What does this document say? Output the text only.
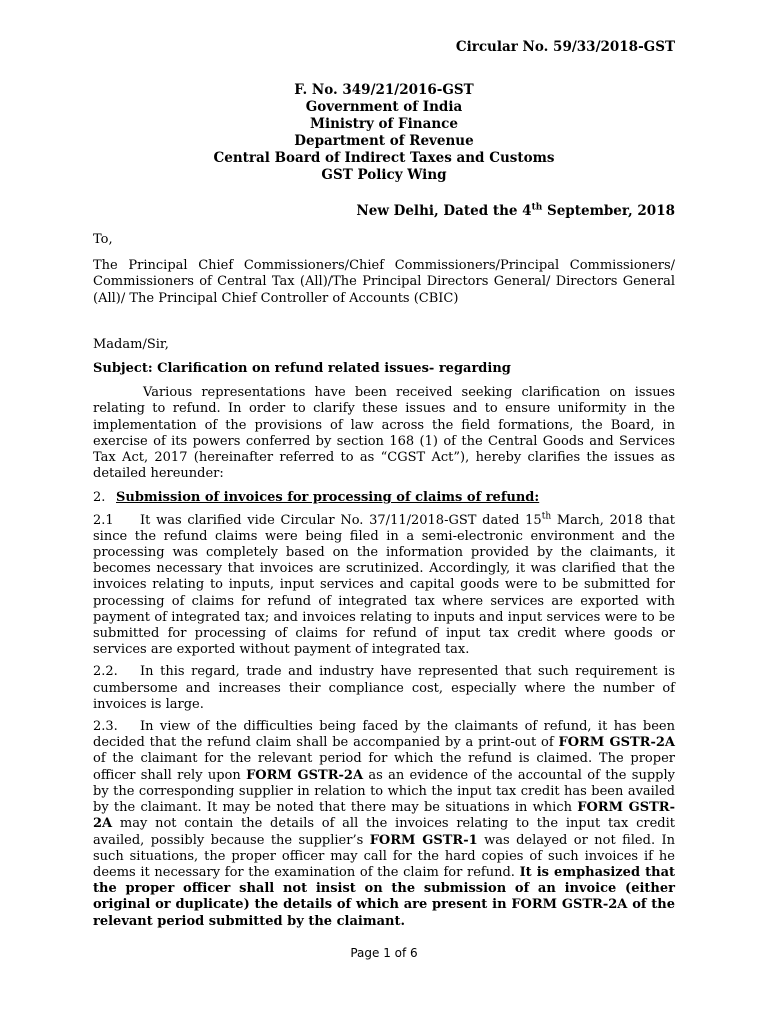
Circular No. 59/33/2018-GST
F. No. 349/21/2016-GST
Government of India
Ministry of Finance
Department of Revenue
Central Board of Indirect Taxes and Customs
GST Policy Wing
New Delhi, Dated the 4th September, 2018

To,

The Principal Chief Commissioners/Chief Commissioners/Principal Commissioners/ Commissioners of Central Tax (All)/The Principal Directors General/ Directors General (All)/ The Principal Chief Controller of Accounts (CBIC)

Madam/Sir,

Subject: Clarification on refund related issues- regarding

Various representations have been received seeking clarification on issues relating to refund. In order to clarify these issues and to ensure uniformity in the implementation of the provisions of law across the field formations, the Board, in exercise of its powers conferred by section 168 (1) of the Central Goods and Services Tax Act, 2017 (hereinafter referred to as “CGST Act”), hereby clarifies the issues as detailed hereunder:

2. Submission of invoices for processing of claims of refund:

2.1 It was clarified vide Circular No. 37/11/2018-GST dated 15th March, 2018 that since the refund claims were being filed in a semi-electronic environment and the processing was completely based on the information provided by the claimants, it becomes necessary that invoices are scrutinized. Accordingly, it was clarified that the invoices relating to inputs, input services and capital goods were to be submitted for processing of claims for refund of integrated tax where services are exported with payment of integrated tax; and invoices relating to inputs and input services were to be submitted for processing of claims for refund of input tax credit where goods or services are exported without payment of integrated tax.

2.2. In this regard, trade and industry have represented that such requirement is cumbersome and increases their compliance cost, especially where the number of invoices is large.

2.3. In view of the difficulties being faced by the claimants of refund, it has been decided that the refund claim shall be accompanied by a print-out of FORM GSTR-2A of the claimant for the relevant period for which the refund is claimed. The proper officer shall rely upon FORM GSTR-2A as an evidence of the accountal of the supply by the corresponding supplier in relation to which the input tax credit has been availed by the claimant. It may be noted that there may be situations in which FORM GSTR-2A may not contain the details of all the invoices relating to the input tax credit availed, possibly because the supplier’s FORM GSTR-1 was delayed or not filed. In such situations, the proper officer may call for the hard copies of such invoices if he deems it necessary for the examination of the claim for refund. It is emphasized that the proper officer shall not insist on the submission of an invoice (either original or duplicate) the details of which are present in FORM GSTR-2A of the relevant period submitted by the claimant.

Page 1 of 6
